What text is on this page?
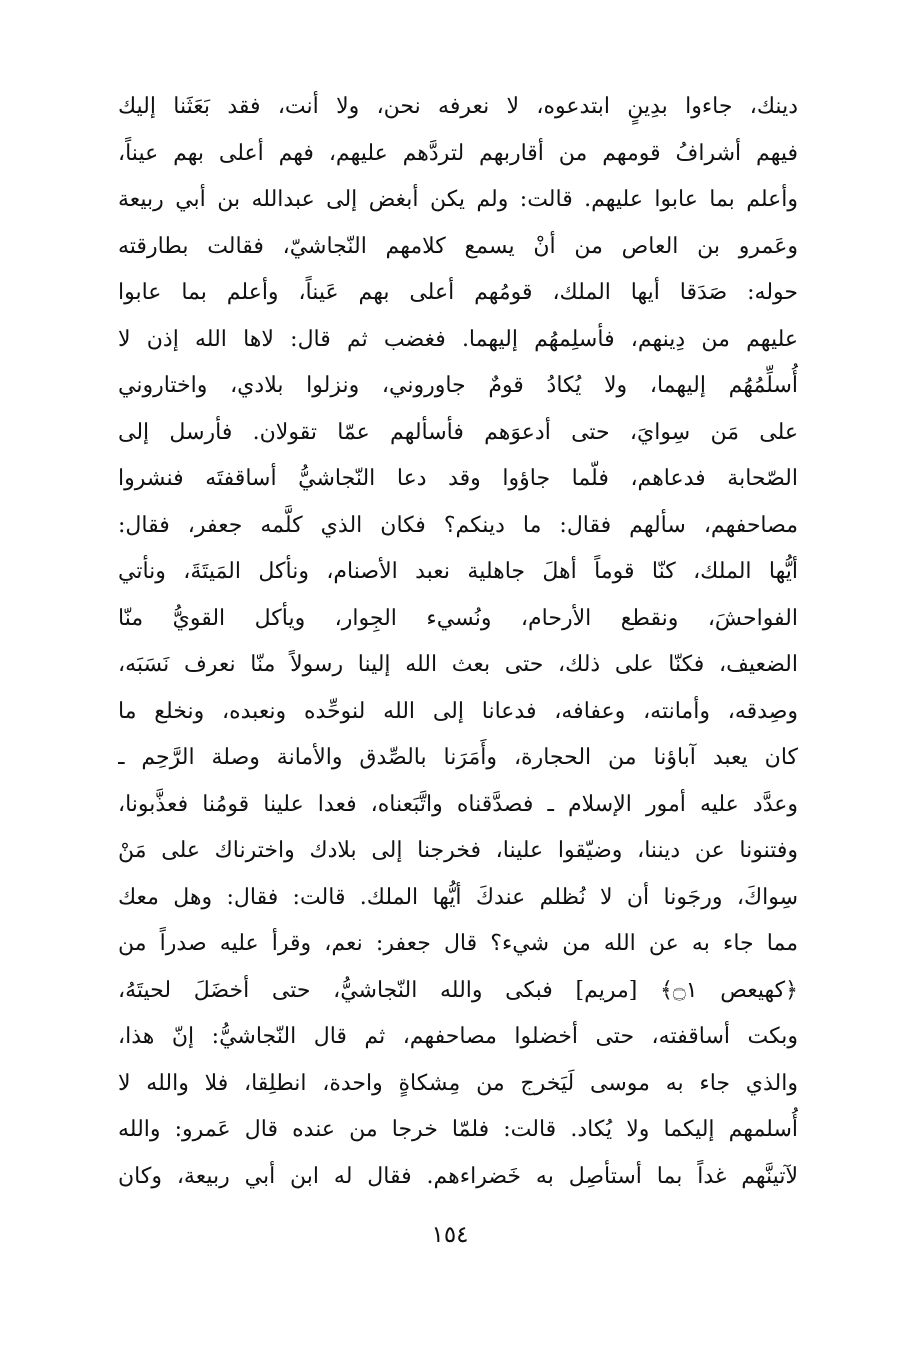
دينك، جاءوا بدِينٍ ابتدعوه، لا نعرفه نحن، ولا أنت، فقد بَعَثَنا إليك
فيهم أشرافُ قومهم من أقاربهم لتردَّهم عليهم، فهم أعلى بهم عيناً،
وأعلم بما عابوا عليهم. قالت: ولم يكن أبغض إلى عبدالله بن أبي ربيعة
وعَمرو بن العاص من أنْ يسمع كلامهم النّجاشيّ، فقالت بطارقته
حوله: صَدَقا أيها الملك، قومُهم أعلى بهم عَيناً، وأعلم بما عابوا
عليهم من دِينهم، فأسلِمهُم إليهما. فغضب ثم قال: لاها الله إذن لا
أُسلِّمُهُم إليهما، ولا يُكادُ قومٌ جاوروني، ونزلوا بلادي، واختاروني
على مَن سِوايَ، حتى أدعوَهم فأسألهم عمّا تقولان. فأرسل إلى
الصّحابة فدعاهم، فلّما جاؤوا وقد دعا النّجاشيُّ أساقفتَه فنشروا
مصاحفهم، سألهم فقال: ما دينكم؟ فكان الذي كلَّمه جعفر، فقال:
أيُّها الملك، كنّا قوماً أهلَ جاهلية نعبد الأصنام، ونأكل المَيتَةَ، ونأتي
الفواحشَ، ونقطع الأرحام، ونُسيء الجِوار، ويأكل القويُّ منّا
الضعيف، فكنّا على ذلك، حتى بعث الله إلينا رسولاً منّا نعرف نَسَبَه،
وصِدقه، وأمانته، وعفافه، فدعانا إلى الله لنوحِّده ونعبده، ونخلع ما
كان يعبد آباؤنا من الحجارة، وأَمَرَنا بالصِّدق والأمانة وصلة الرَّحِم ـ
وعدَّد عليه أمور الإسلام ـ فصدَّقناه واتَّبَعناه، فعدا علينا قومُنا فعذَّبونا،
وفتنونا عن ديننا، وضيّقوا علينا، فخرجنا إلى بلادك واخترناك على مَنْ
سِواكَ، ورجَونا أن لا نُظلم عندكَ أيُّها الملك. قالت: فقال: وهل معك
مما جاء به عن الله من شيء؟ قال جعفر: نعم، وقرأ عليه صدراً من
﴿كهيعص ۝١﴾ [مريم] فبكى والله النّجاشيُّ، حتى أخضَلَ لحيتَهُ،
وبكت أساقفته، حتى أخضلوا مصاحفهم، ثم قال النّجاشيُّ: إنّ هذا،
والذي جاء به موسى لَيَخرج من مِشكاةٍ واحدة، انطلِقا، فلا والله لا
أُسلمهم إليكما ولا يُكاد. قالت: فلمّا خرجا من عنده قال عَمرو: والله
لآتينَّهم غداً بما أستأصِل به خَضراءهم. فقال له ابن أبي ربيعة، وكان
١٥٤
